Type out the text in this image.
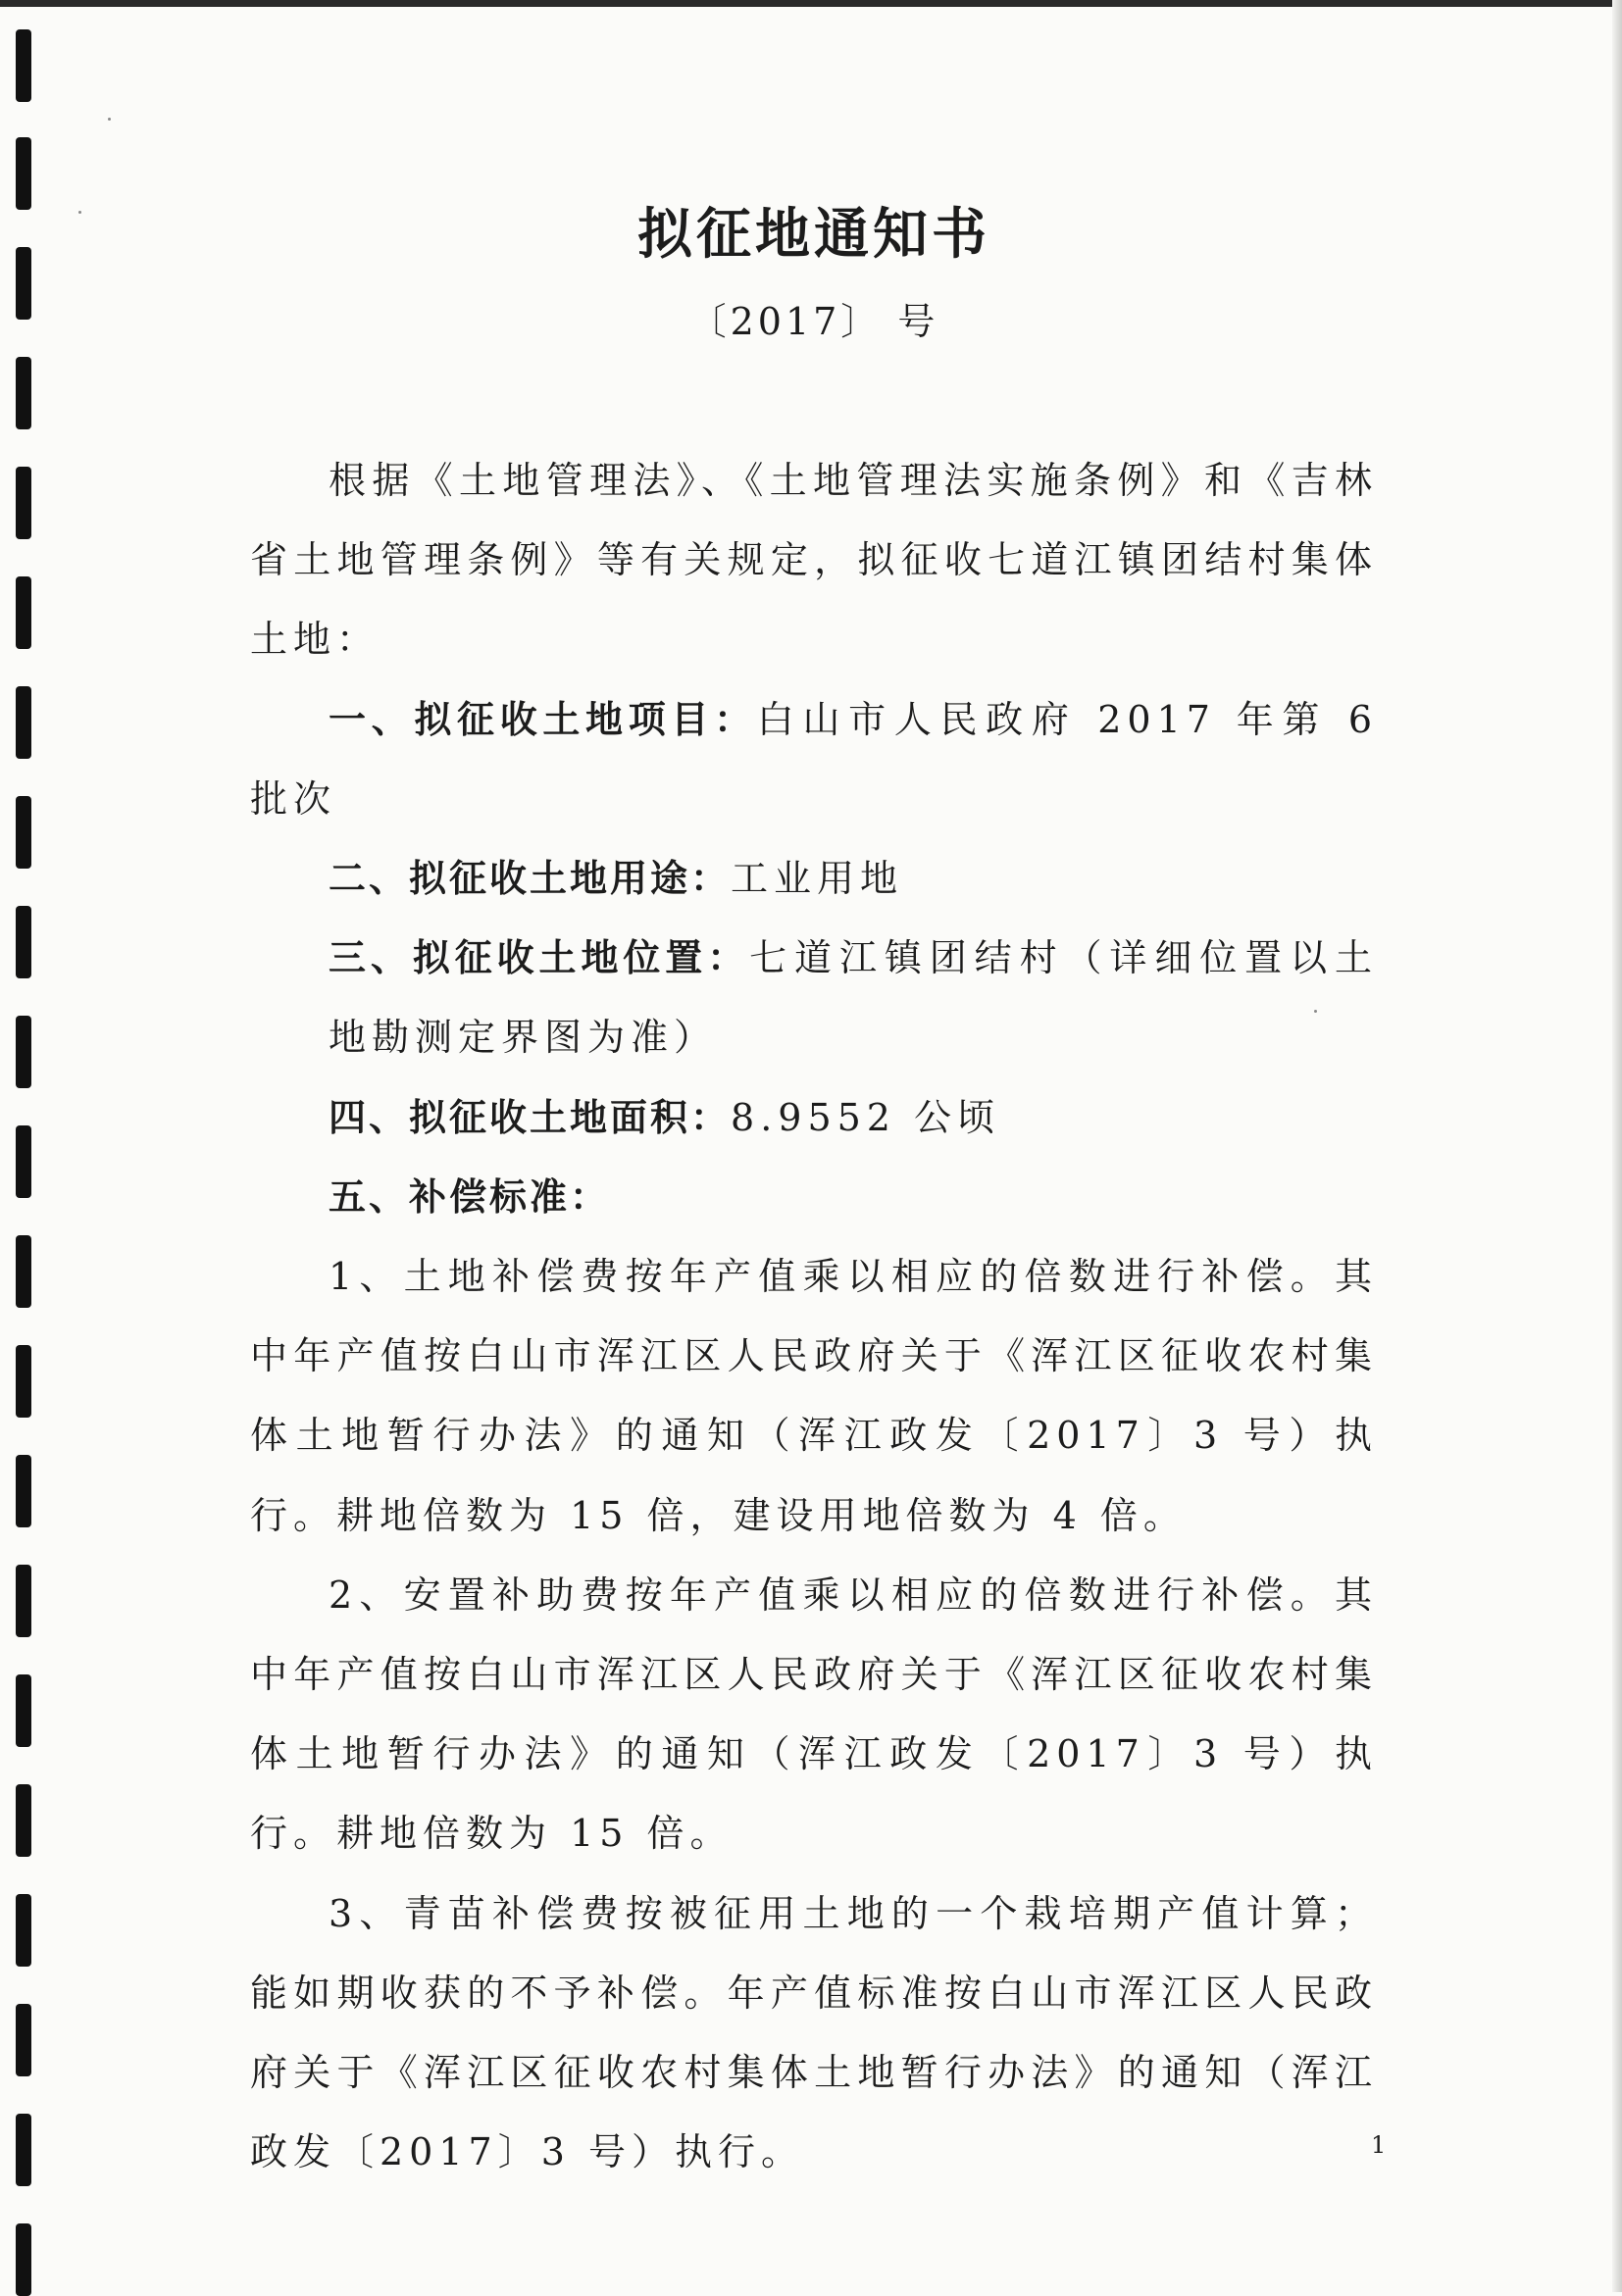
拟征地通知书
〔2017〕 号

根据《土地管理法》、《土地管理法实施条例》和《吉林省土地管理条例》等有关规定，拟征收七道江镇团结村集体土地：

一、拟征收土地项目：白山市人民政府 2017 年第 6 批次

二、拟征收土地用途：工业用地

三、拟征收土地位置：七道江镇团结村（详细位置以土地勘测定界图为准）

四、拟征收土地面积：8.9552 公顷

五、补偿标准：

1、土地补偿费按年产值乘以相应的倍数进行补偿。其中年产值按白山市浑江区人民政府关于《浑江区征收农村集体土地暂行办法》的通知（浑江政发〔2017〕3 号）执行。耕地倍数为 15 倍，建设用地倍数为 4 倍。

2、安置补助费按年产值乘以相应的倍数进行补偿。其中年产值按白山市浑江区人民政府关于《浑江区征收农村集体土地暂行办法》的通知（浑江政发〔2017〕3 号）执行。耕地倍数为 15 倍。

3、青苗补偿费按被征用土地的一个栽培期产值计算；能如期收获的不予补偿。年产值标准按白山市浑江区人民政府关于《浑江区征收农村集体土地暂行办法》的通知（浑江政发〔2017〕3 号）执行。	1
